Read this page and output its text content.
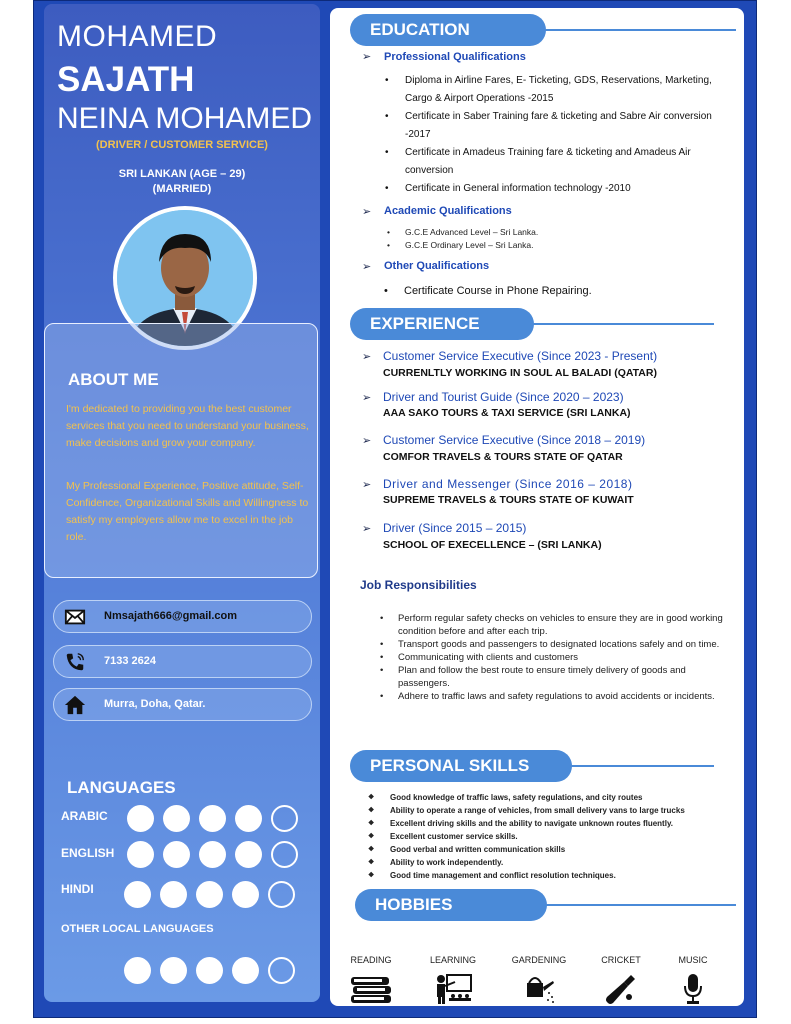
MOHAMED
SAJATH
NEINA MOHAMED
(DRIVER / CUSTOMER SERVICE)
SRI LANKAN (AGE – 29)
(MARRIED)
ABOUT ME
I'm dedicated to providing you the best customer services that you need to understand your business, make decisions and grow your company.
My Professional Experience, Positive attitude, Self-Confidence, Organizational Skills and Willingness to satisfy my employers allow me to excel in the job role.
Nmsajath666@gmail.com
7133 2624
Murra, Doha, Qatar.
LANGUAGES
ARABIC
ENGLISH
HINDI
OTHER LOCAL LANGUAGES
EDUCATION
➢ Professional Qualifications
• Diploma in Airline Fares, E- Ticketing, GDS, Reservations, Marketing, Cargo & Airport Operations -2015
• Certificate in Saber Training fare & ticketing and Sabre Air conversion -2017
• Certificate in Amadeus Training fare & ticketing and Amadeus Air conversion
• Certificate in General information technology -2010
➢ Academic Qualifications
• G.C.E Advanced Level – Sri Lanka.
• G.C.E Ordinary Level – Sri Lanka.
➢ Other Qualifications
• Certificate Course in Phone Repairing.
EXPERIENCE
➢ Customer Service Executive (Since 2023 - Present)
CURRENLTLY WORKING IN SOUL AL BALADI (QATAR)
➢ Driver and Tourist Guide (Since 2020 – 2023)
AAA SAKO TOURS & TAXI SERVICE (SRI LANKA)
➢ Customer Service Executive (Since 2018 – 2019)
COMFOR TRAVELS & TOURS STATE OF QATAR
➢ Driver and Messenger (Since 2016 – 2018)
SUPREME TRAVELS & TOURS STATE OF KUWAIT
➢ Driver (Since 2015 – 2015)
SCHOOL OF EXECELLENCE – (SRI LANKA)
Job Responsibilities
• Perform regular safety checks on vehicles to ensure they are in good working condition before and after each trip.
• Transport goods and passengers to designated locations safely and on time.
• Communicating with clients and customers
• Plan and follow the best route to ensure timely delivery of goods and passengers.
• Adhere to traffic laws and safety regulations to avoid accidents or incidents.
PERSONAL SKILLS
❖ Good knowledge of traffic laws, safety regulations, and city routes
❖ Ability to operate a range of vehicles, from small delivery vans to large trucks
❖ Excellent driving skills and the ability to navigate unknown routes fluently.
❖ Excellent customer service skills.
❖ Good verbal and written communication skills
❖ Ability to work independently.
❖ Good time management and conflict resolution techniques.
HOBBIES
READING	LEARNING	GARDENING	CRICKET	MUSIC
